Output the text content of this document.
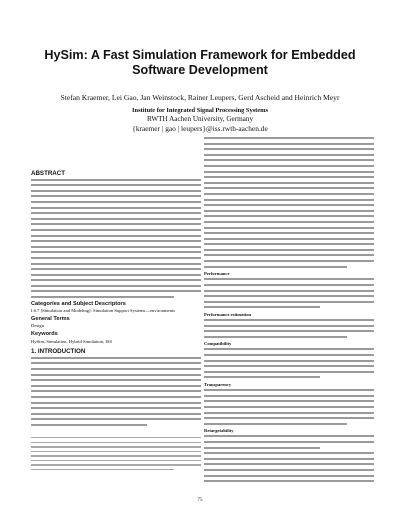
HySim: A Fast Simulation Framework for Embedded Software Development
Stefan Kraemer, Lei Gao, Jan Weinstock, Rainer Leupers, Gerd Ascheid and Heinrich Meyr
Institute for Integrated Signal Processing Systems
RWTH Aachen University, Germany
{kraemer | gao | leupers}@iss.rwth-aachen.de
ABSTRACT
Categories and Subject Descriptors

I.6.7 [Simulation and Modeling]: Simulation Support Systems—environments

General Terms

Design

Keywords

HySim, Simulation, Hybrid Simulation, ISS

1. INTRODUCTION

Performance

Performance estimation

Compatibility

Transparency

Retargetability

75
